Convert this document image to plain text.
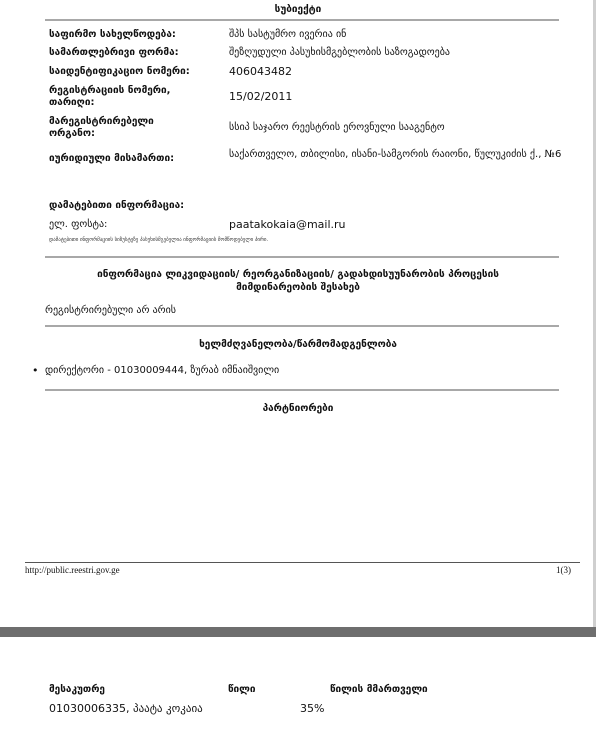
სუბიექტი
საფირმო სახელწოდება:	შპს სასტუმრო ივერია ინ
სამართლებრივი ფორმა:	შეზღუდული პასუხისმგებლობის საზოგადოება
საიდენტიფიკაციო ნომერი:	406043482
რეგისტრაციის ნომერი, თარიღი:	15/02/2011
მარეგისტრირებელი ორგანო:
სსიპ საჯარო რეესტრის ეროვნული სააგენტო
იურიდიული მისამართი:	საქართველო, თბილისი, ისანი-სამგორის რაიონი, წულუკიძის ქ., №6
დამატებითი ინფორმაცია:
ელ. ფოსტა:	paatakokaia@mail.ru
დამატებითი ინფორმაციის სიზუსტეზე პასუხისმგებელია ინფორმაციის მომწოდებელი პირი.
ინფორმაცია ლიკვიდაციის/ რეორგანიზაციის/ გადახდისუუნარობის პროცესის მიმდინარეობის შესახებ
რეგისტრირებული არ არის
ხელმძღვანელობა/წარმომადგენლობა
• დირექტორი - 01030009444, ზურაბ იმნაიშვილი
პარტნიორები
http://public.reestri.gov.ge	1(3)
მესაკუთრე	წილი	წილის მმართველი
01030006335, პაატა კოკაია	35%
